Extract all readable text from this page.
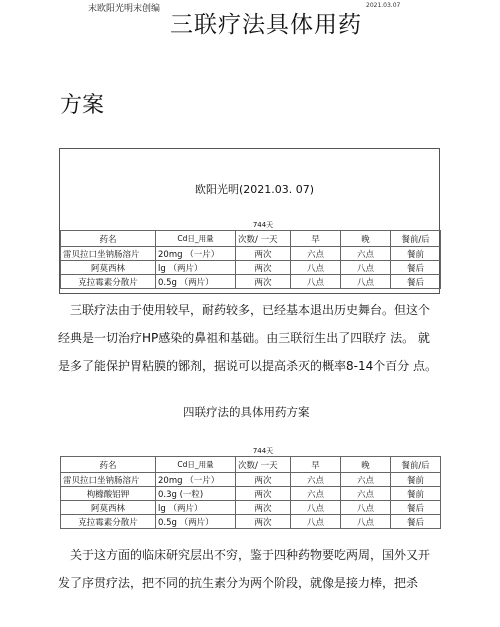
末欧阳光明末创编	2021.03.07
三联疗法具体用药
方案
欧阳光明(2021.03. 07)
		744天			
药名	Cd日_用量	次数/ 一天	早	晚	餐前/后
雷贝拉口坐钠肠溶片	20mg （一片）	两次	六点	六点	餐前
阿莫西林	lg （两片）	两次	八点	八点	餐后
克拉霉素分散片	0.5g （两片）	两次	八点	八点	餐后
三联疗法由于使用较早，耐药较多，已经基本退出历史舞台。但这个
经典是一切治疗HP感染的鼻祖和基础。由三联衍生出了四联疗 法。 就
是多了能保护胃粘膜的铘剂，据说可以提高杀灭的概率8-14个百分 点。
四联疗法的具体用药方案
		744天			
药名	Cd日_用量	次数/ 一天	早	晚	餐前/后
雷贝拉口坐钠肠溶片	20mg （一片）	两次	六点	六点	餐前
枸橼酸铝钾	0.3g (一粒)	两次	六点	六点	餐前
阿莫西林	lg （两片）	两次	八点	八点	餐后
克拉霉素分散片	0.5g （两片）	两次	八点	八点	餐后
关于这方面的临床研究层出不穷，鉴于四种药物要吃两周，国外又开
发了序贯疗法，把不同的抗生素分为两个阶段，就像是接力棒，把杀
